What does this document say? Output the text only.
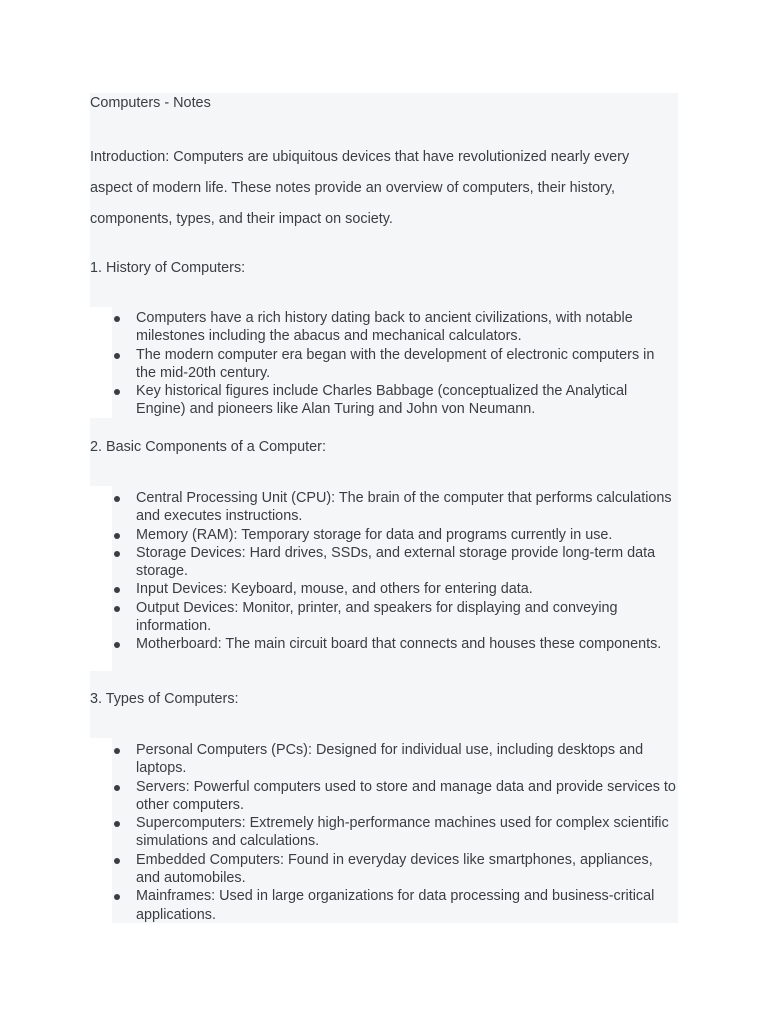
Computers - Notes

Introduction: Computers are ubiquitous devices that have revolutionized nearly every aspect of modern life. These notes provide an overview of computers, their history, components, types, and their impact on society.

1. History of Computers:
Computers have a rich history dating back to ancient civilizations, with notable milestones including the abacus and mechanical calculators.
The modern computer era began with the development of electronic computers in the mid-20th century.
Key historical figures include Charles Babbage (conceptualized the Analytical Engine) and pioneers like Alan Turing and John von Neumann.
2. Basic Components of a Computer:
Central Processing Unit (CPU): The brain of the computer that performs calculations and executes instructions.
Memory (RAM): Temporary storage for data and programs currently in use.
Storage Devices: Hard drives, SSDs, and external storage provide long-term data storage.
Input Devices: Keyboard, mouse, and others for entering data.
Output Devices: Monitor, printer, and speakers for displaying and conveying information.
Motherboard: The main circuit board that connects and houses these components.
3. Types of Computers:
Personal Computers (PCs): Designed for individual use, including desktops and laptops.
Servers: Powerful computers used to store and manage data and provide services to other computers.
Supercomputers: Extremely high-performance machines used for complex scientific simulations and calculations.
Embedded Computers: Found in everyday devices like smartphones, appliances, and automobiles.
Mainframes: Used in large organizations for data processing and business-critical applications.
